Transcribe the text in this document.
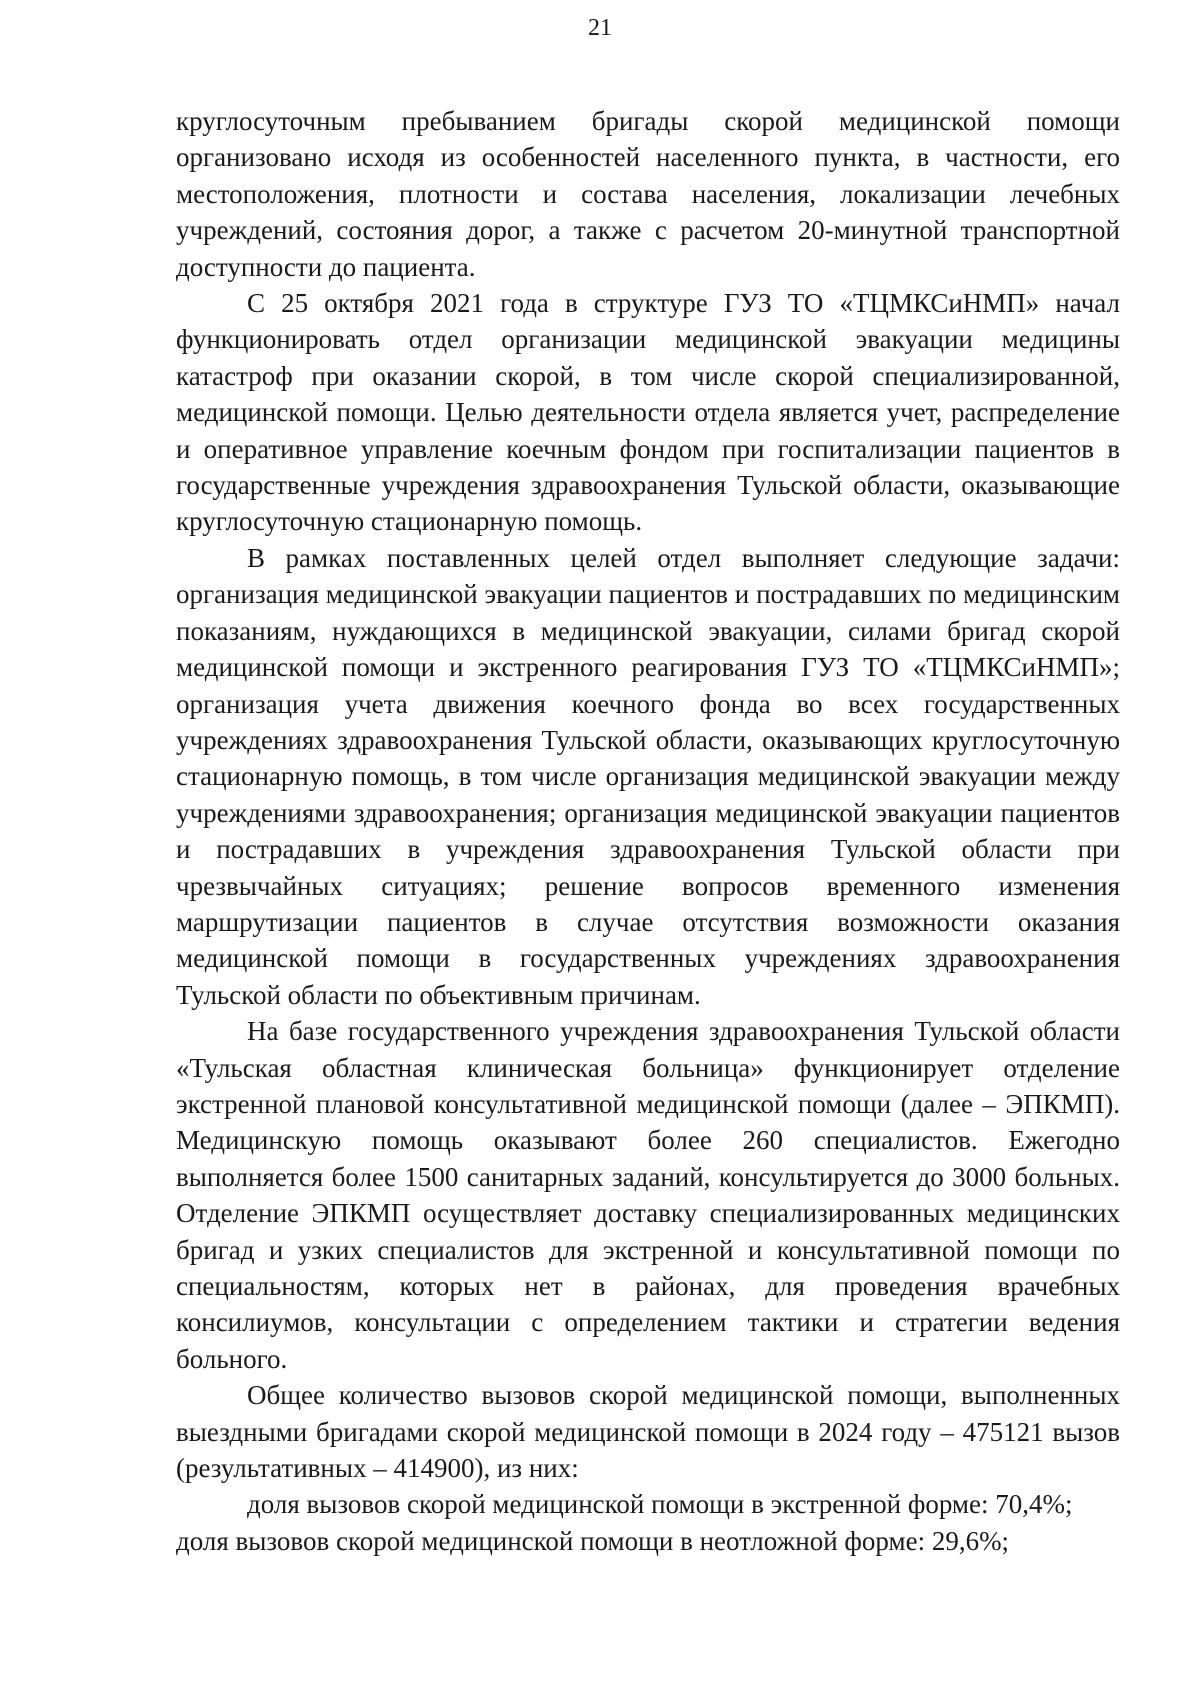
21

круглосуточным пребыванием бригады скорой медицинской помощи организовано исходя из особенностей населенного пункта, в частности, его местоположения, плотности и состава населения, локализации лечебных учреждений, состояния дорог, а также с расчетом 20-минутной транспортной доступности до пациента.

С 25 октября 2021 года в структуре ГУЗ ТО «ТЦМКСиНМП» начал функционировать отдел организации медицинской эвакуации медицины катастроф при оказании скорой, в том числе скорой специализированной, медицинской помощи. Целью деятельности отдела является учет, распределение и оперативное управление коечным фондом при госпитализации пациентов в государственные учреждения здравоохранения Тульской области, оказывающие круглосуточную стационарную помощь.

В рамках поставленных целей отдел выполняет следующие задачи: организация медицинской эвакуации пациентов и пострадавших по медицинским показаниям, нуждающихся в медицинской эвакуации, силами бригад скорой медицинской помощи и экстренного реагирования ГУЗ ТО «ТЦМКСиНМП»; организация учета движения коечного фонда во всех государственных учреждениях здравоохранения Тульской области, оказывающих круглосуточную стационарную помощь, в том числе организация медицинской эвакуации между учреждениями здравоохранения; организация медицинской эвакуации пациентов и пострадавших в учреждения здравоохранения Тульской области при чрезвычайных ситуациях; решение вопросов временного изменения маршрутизации пациентов в случае отсутствия возможности оказания медицинской помощи в государственных учреждениях здравоохранения Тульской области по объективным причинам.

На базе государственного учреждения здравоохранения Тульской области «Тульская областная клиническая больница» функционирует отделение экстренной плановой консультативной медицинской помощи (далее – ЭПКМП). Медицинскую помощь оказывают более 260 специалистов. Ежегодно выполняется более 1500 санитарных заданий, консультируется до 3000 больных. Отделение ЭПКМП осуществляет доставку специализированных медицинских бригад и узких специалистов для экстренной и консультативной помощи по специальностям, которых нет в районах, для проведения врачебных консилиумов, консультации с определением тактики и стратегии ведения больного.

Общее количество вызовов скорой медицинской помощи, выполненных выездными бригадами скорой медицинской помощи в 2024 году – 475121 вызов (результативных – 414900), из них:

доля вызовов скорой медицинской помощи в экстренной форме: 70,4%;

доля вызовов скорой медицинской помощи в неотложной форме: 29,6%;
